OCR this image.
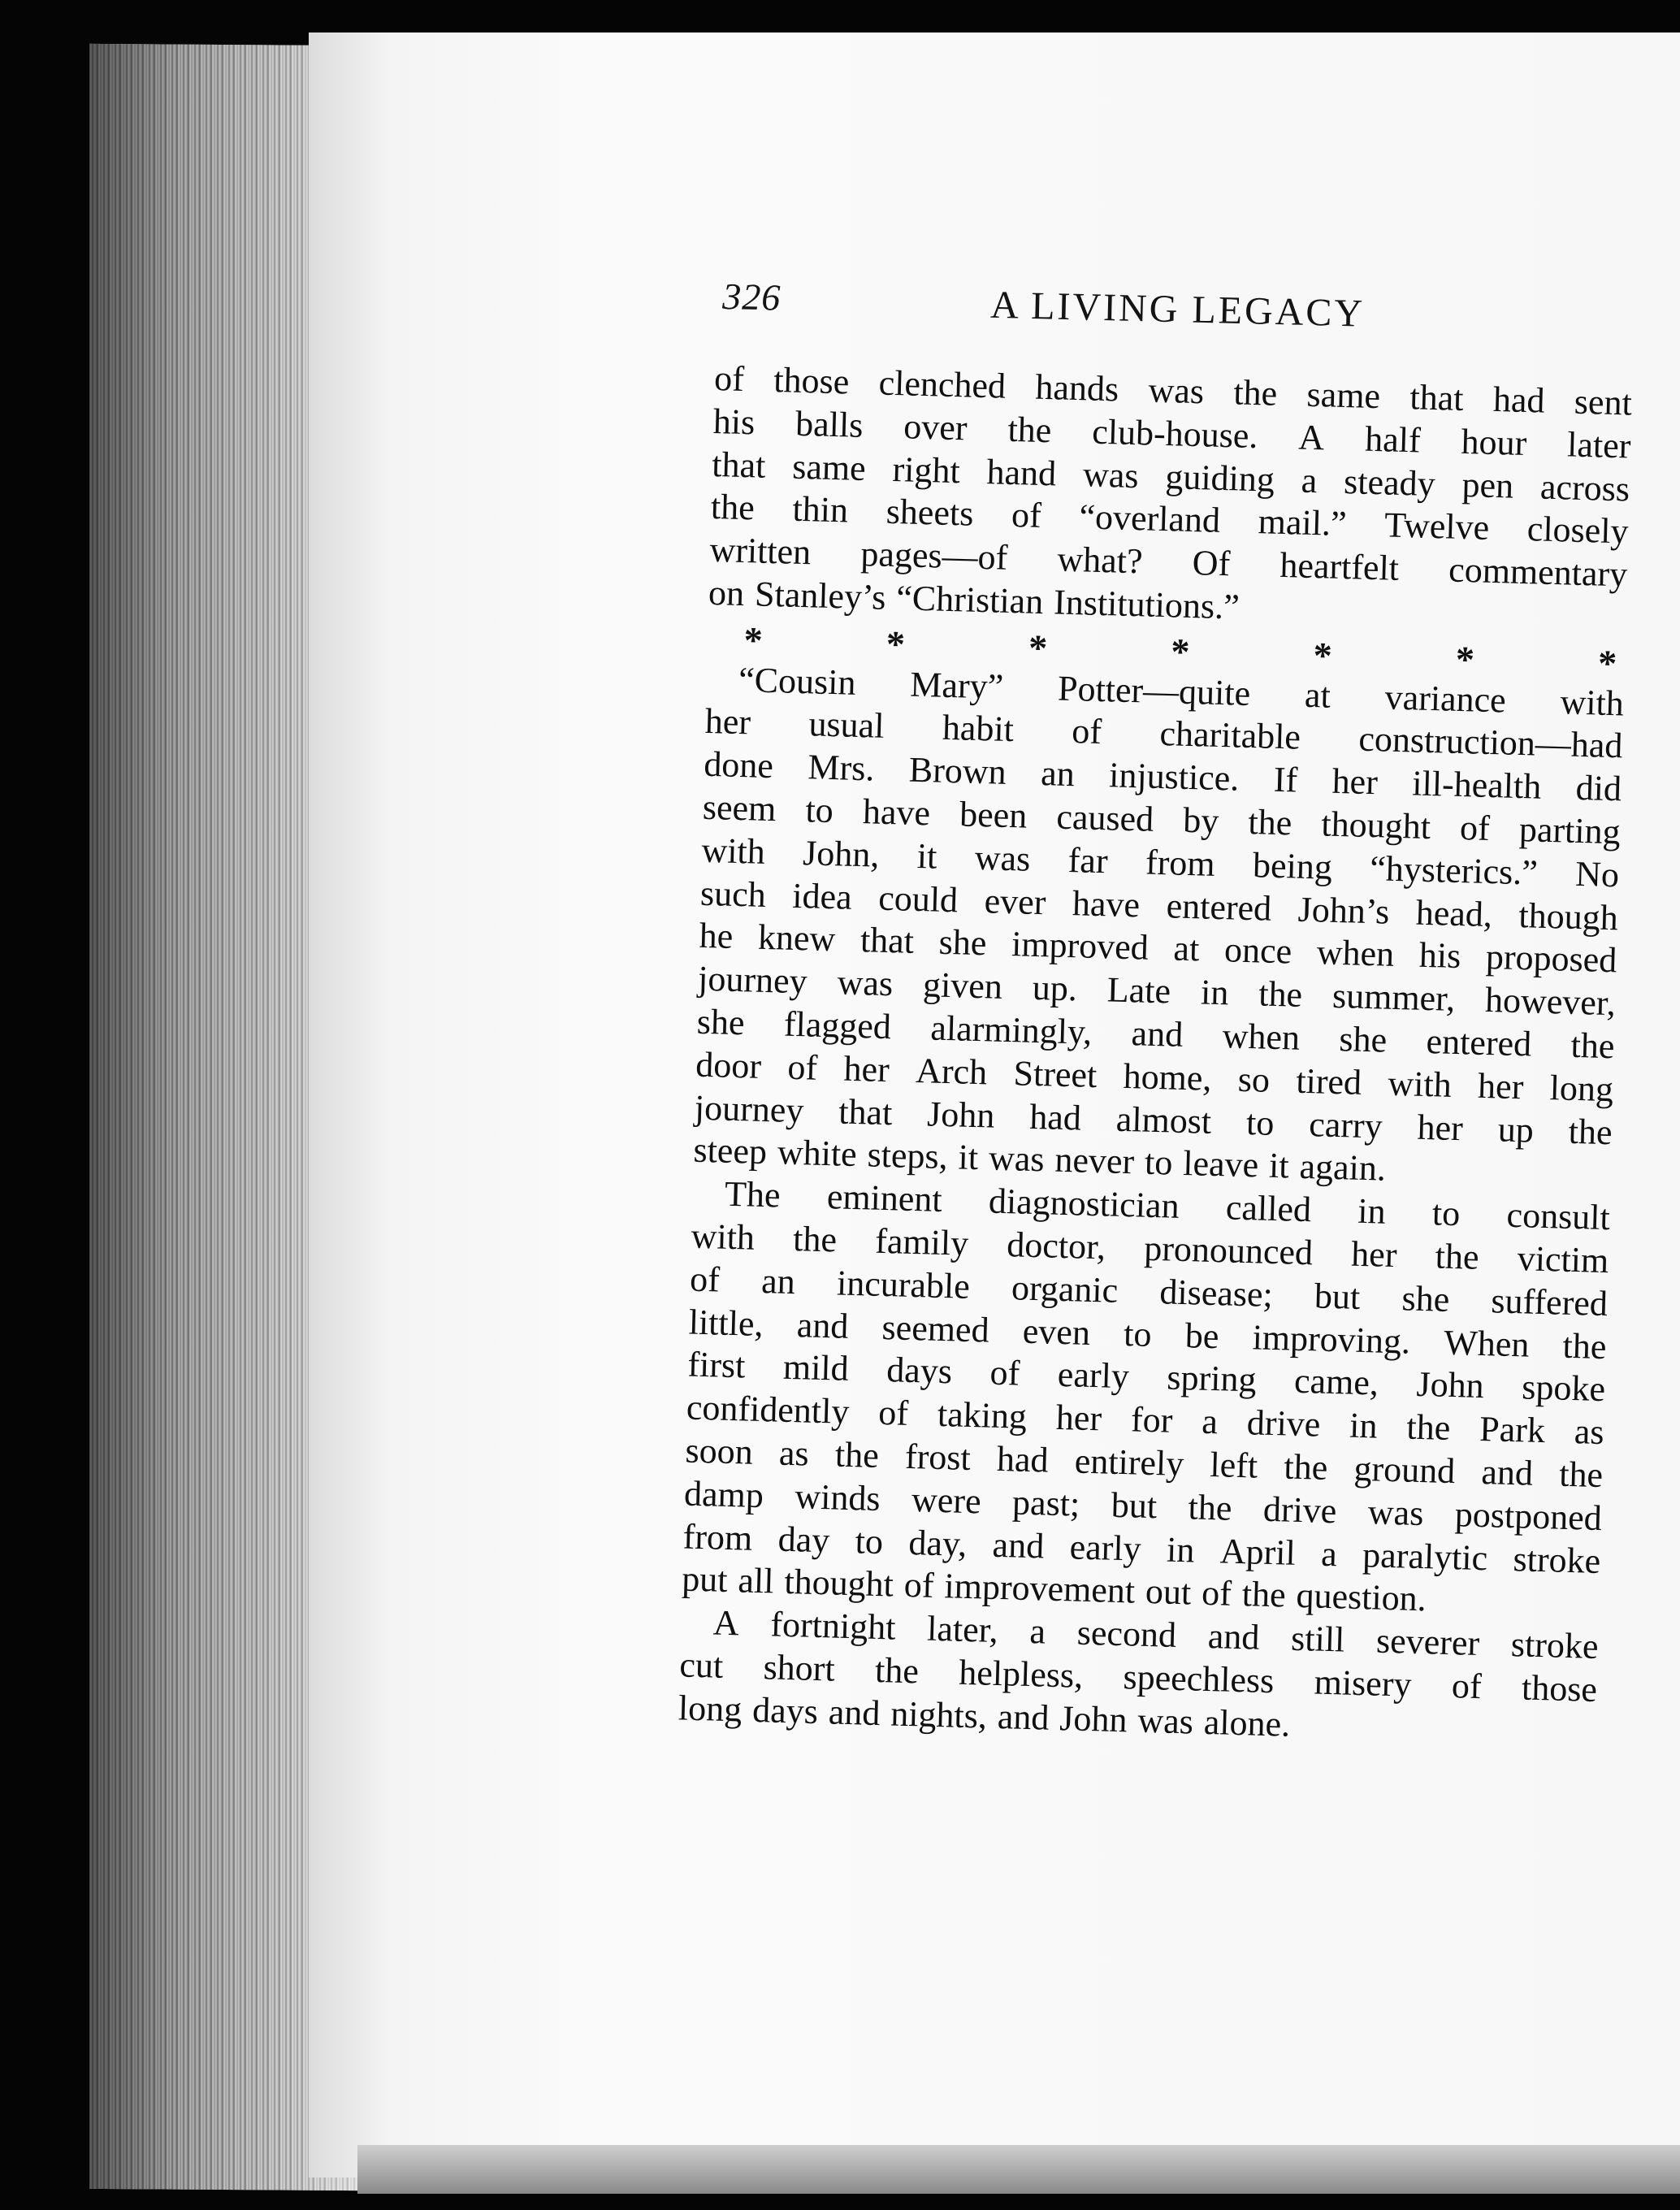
326	A LIVING LEGACY
of those clenched hands was the same that had sent
his balls over the club-house. A half hour later
that same right hand was guiding a steady pen across
the thin sheets of “overland mail.” Twelve closely
written pages—of what? Of heartfelt commentary
on Stanley’s “Christian Institutions.”
*	*	*	*	*	*	*
“Cousin Mary” Potter—quite at variance with
her usual habit of charitable construction—had
done Mrs. Brown an injustice. If her ill-health did
seem to have been caused by the thought of parting
with John, it was far from being “hysterics.” No
such idea could ever have entered John’s head, though
he knew that she improved at once when his proposed
journey was given up. Late in the summer, however,
she flagged alarmingly, and when she entered the
door of her Arch Street home, so tired with her long
journey that John had almost to carry her up the
steep white steps, it was never to leave it again.
The eminent diagnostician called in to consult
with the family doctor, pronounced her the victim
of an incurable organic disease; but she suffered
little, and seemed even to be improving. When the
first mild days of early spring came, John spoke
confidently of taking her for a drive in the Park as
soon as the frost had entirely left the ground and the
damp winds were past; but the drive was postponed
from day to day, and early in April a paralytic stroke
put all thought of improvement out of the question.
A fortnight later, a second and still severer stroke
cut short the helpless, speechless misery of those
long days and nights, and John was alone.
